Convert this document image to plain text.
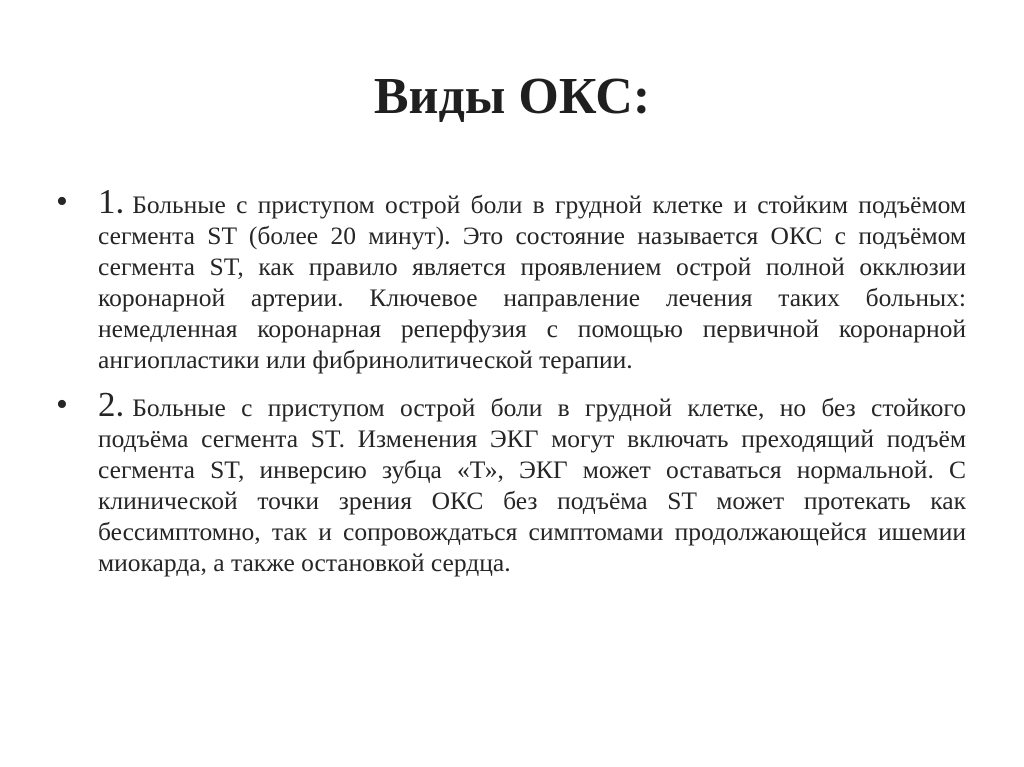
Виды ОКС:
• 1. Больные с приступом острой боли в грудной клетке и стойким подъёмом сегмента ST (более 20 минут). Это состояние называется ОКС с подъёмом сегмента ST, как правило является проявлением острой полной окклюзии коронарной артерии. Ключевое направление лечения таких больных: немедленная коронарная реперфузия с помощью первичной коронарной ангиопластики или фибринолитической терапии.
• 2. Больные с приступом острой боли в грудной клетке, но без стойкого подъёма сегмента ST. Изменения ЭКГ могут включать преходящий подъём сегмента ST, инверсию зубца «Т», ЭКГ может оставаться нормальной. С клинической точки зрения ОКС без подъёма ST может протекать как бессимптомно, так и сопровождаться симптомами продолжающейся ишемии миокарда, а также остановкой сердца.
